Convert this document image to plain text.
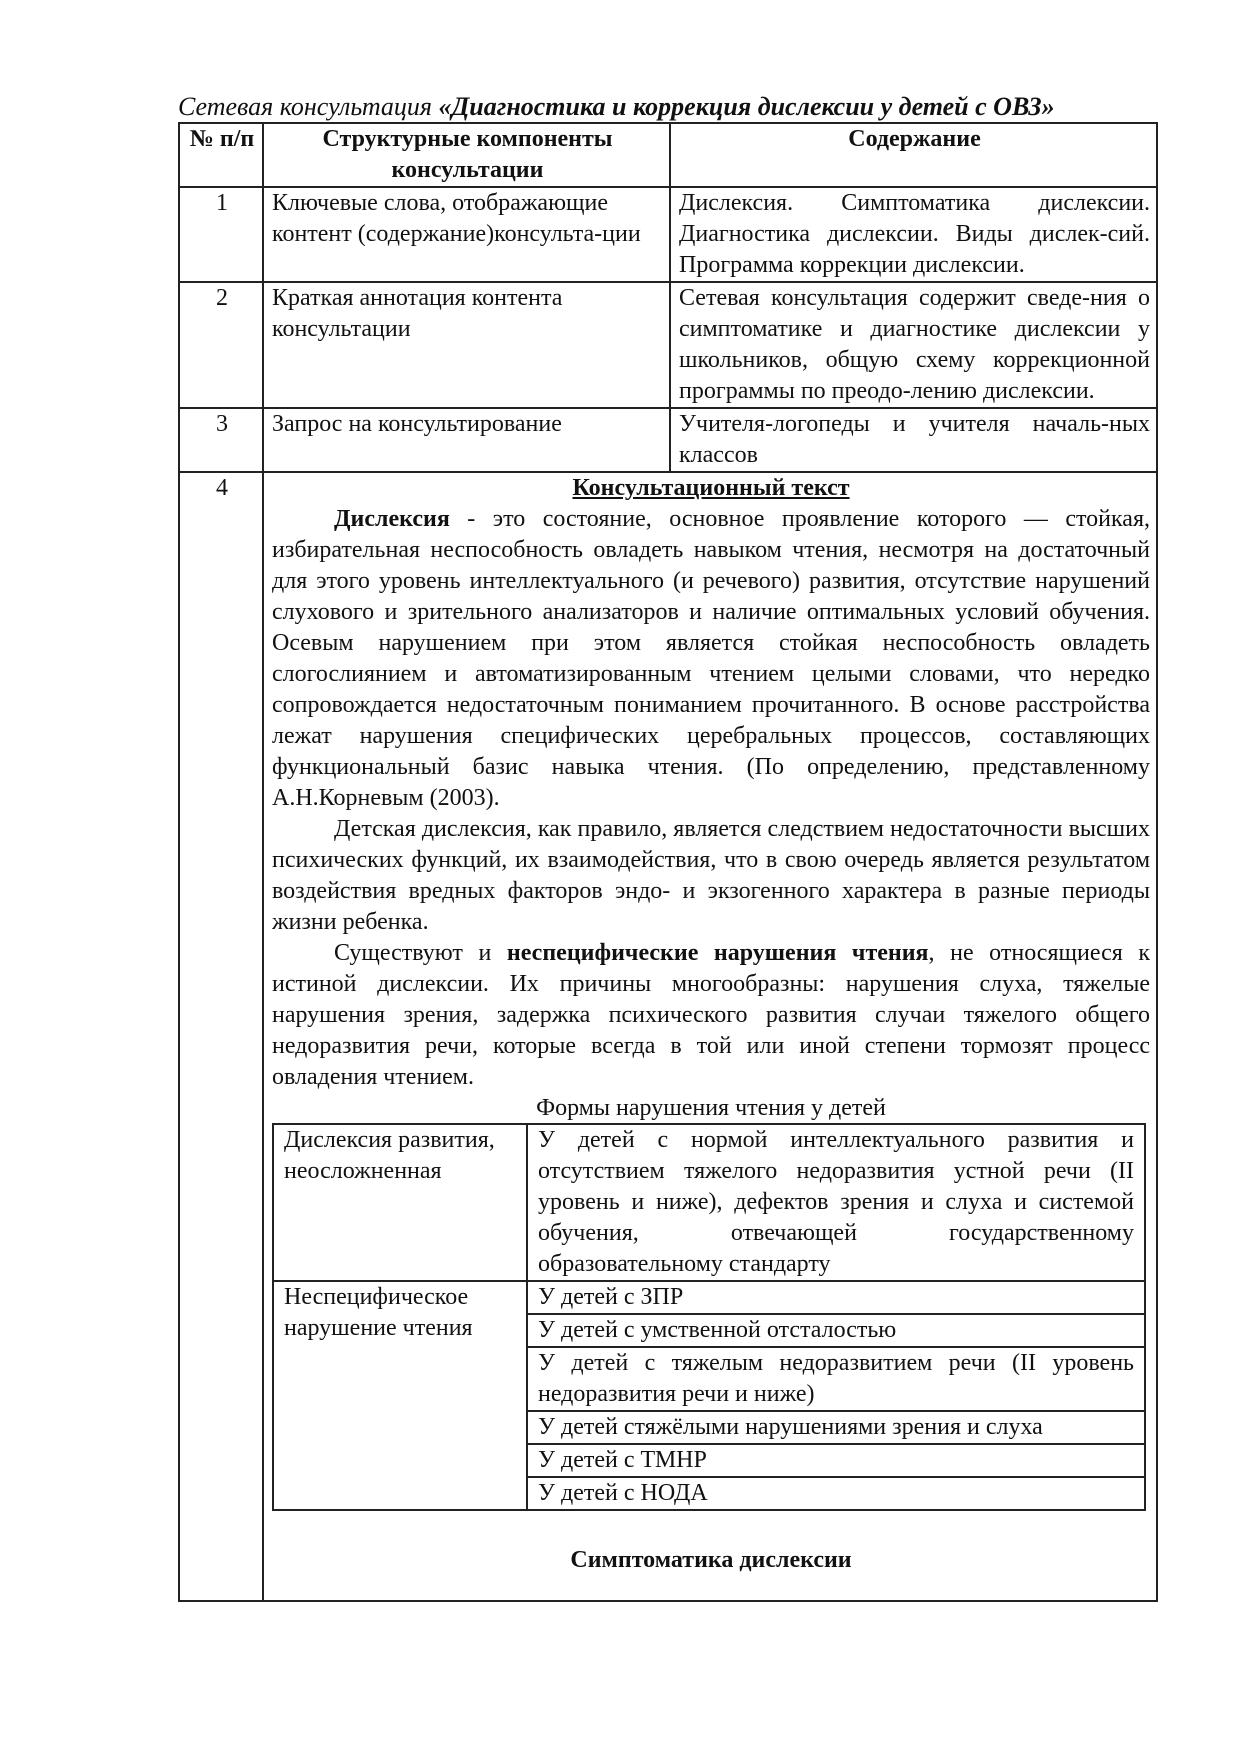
Сетевая консультация «Диагностика и коррекция дислексии у детей с ОВЗ»
№ п/п	Структурные компоненты консультации	Содержание
1	Ключевые слова, отображающие контент (содержание)консульта-ции	Дислексия. Симптоматика дислексии. Диагностика дислексии. Виды дислек-сий. Программа коррекции дислексии.
2	Краткая аннотация контента консультации	Сетевая консультация содержит сведе-ния о симптоматике и диагностике дислексии у школьников, общую схему коррекционной программы по преодо-лению дислексии.
3	Запрос на консультирование	Учителя-логопеды и учителя началь-ных классов
4	Консультационный текст

Дислексия - это состояние, основное проявление которого — стойкая, избирательная неспособность овладеть навыком чтения, несмотря на достаточный для этого уровень интеллектуального (и речевого) развития, отсутствие нарушений слухового и зрительного анализаторов и наличие оптимальных условий обучения. Осевым нарушением при этом является стойкая неспособность овладеть слогослиянием и автоматизированным чтением целыми словами, что нередко сопровождается недостаточным пониманием прочитанного. В основе расстройства лежат нарушения специфических церебральных процессов, составляющих функциональный базис навыка чтения. (По определению, представленному А.Н.Корневым (2003).

Детская дислексия, как правило, является следствием недостаточности высших психических функций, их взаимодействия, что в свою очередь является результатом воздействия вредных факторов эндо- и экзогенного характера в разные периоды жизни ребенка.

Существуют и неспецифические нарушения чтения, не относящиеся к истиной дислексии. Их причины многообразны: нарушения слуха, тяжелые нарушения зрения, задержка психического развития случаи тяжелого общего недоразвития речи, которые всегда в той или иной степени тормозят процесс овладения чтением.

Формы нарушения чтения у детей

Дислексия развития, неосложненная	У детей с нормой интеллектуального развития и отсутствием тяжелого недоразвития устной речи (II уровень и ниже), дефектов зрения и слуха и системой обучения, отвечающей государственному образовательному стандарту
Неспецифическое нарушение чтения	У детей с ЗПР
У детей с умственной отсталостью
У детей с тяжелым недоразвитием речи (II уровень недоразвития речи и ниже)
У детей стяжёлыми нарушениями зрения и слуха
У детей с ТМНР
У детей с НОДА
Симптоматика дислексии
